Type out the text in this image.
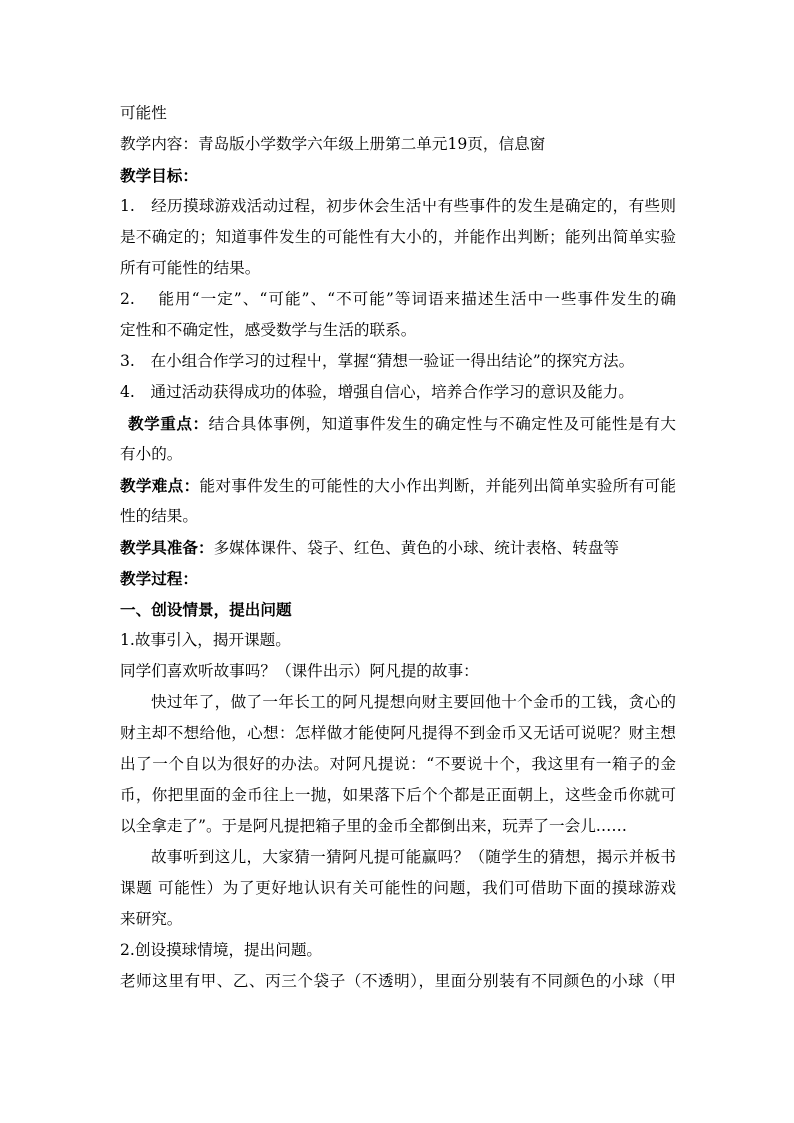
可能性
教学内容：青岛版小学数学六年级上册第二单元19页，信息窗
教学目标：
1.　经历摸球游戏活动过程，初步休会生活屮有些事件的发生是确定的，有些则
是不确定的；知道事件发生的可能性有大小的，并能作出判断；能列出简单实验
所有可能性的结果。
2.　 能用“一定”、“可能”、“不可能”等词语来描述生活中一些事件发生的确
定性和不确定性，感受数学与生活的联系。
3.　在小组合作学习的过程屮，掌握“猜想一验证一得出结论”的探究方法。
4.　通过活动获得成功的体验，增强自信心，培养合作学习的意识及能力。
教学重点：结合具体事例，知道事件发生的确定性与不确定性及可能性是有大
有小的。
教学难点：能对事件发生的可能性的大小作出判断，并能列出简单实验所有可能
性的结果。
教学具准备：多媒体课件、袋子、红色、黄色的小球、统计表格、转盘等
教学过程：
一、创设情景，提出问题
1.故事引入，揭开课题。
同学们喜欢听故事吗？（课件出示）阿凡提的故事：
快过年了，做了一年长工的阿凡提想向财主要回他十个金币的工钱，贪心的
财主却不想给他，心想：怎样做才能使阿凡提得不到金币又无话可说呢？财主想
出了一个自以为很好的办法。对阿凡提说：“不要说十个，我这里有一箱子的金
币，你把里面的金币往上一抛，如果落下后个个都是正面朝上，这些金币你就可
以全拿走了”。于是阿凡提把箱子里的金币全都倒出来，玩弄了一会儿……
故事听到这儿，大家猜一猜阿凡提可能赢吗？（随学生的猜想，揭示并板书
课题 可能性）为了更好地认识有关可能性的问题，我们可借助下面的摸球游戏
来研究。
2.创设摸球情境，提出问题。
老师这里有甲、乙、丙三个袋子（不透明），里面分别装有不同颜色的小球（甲
